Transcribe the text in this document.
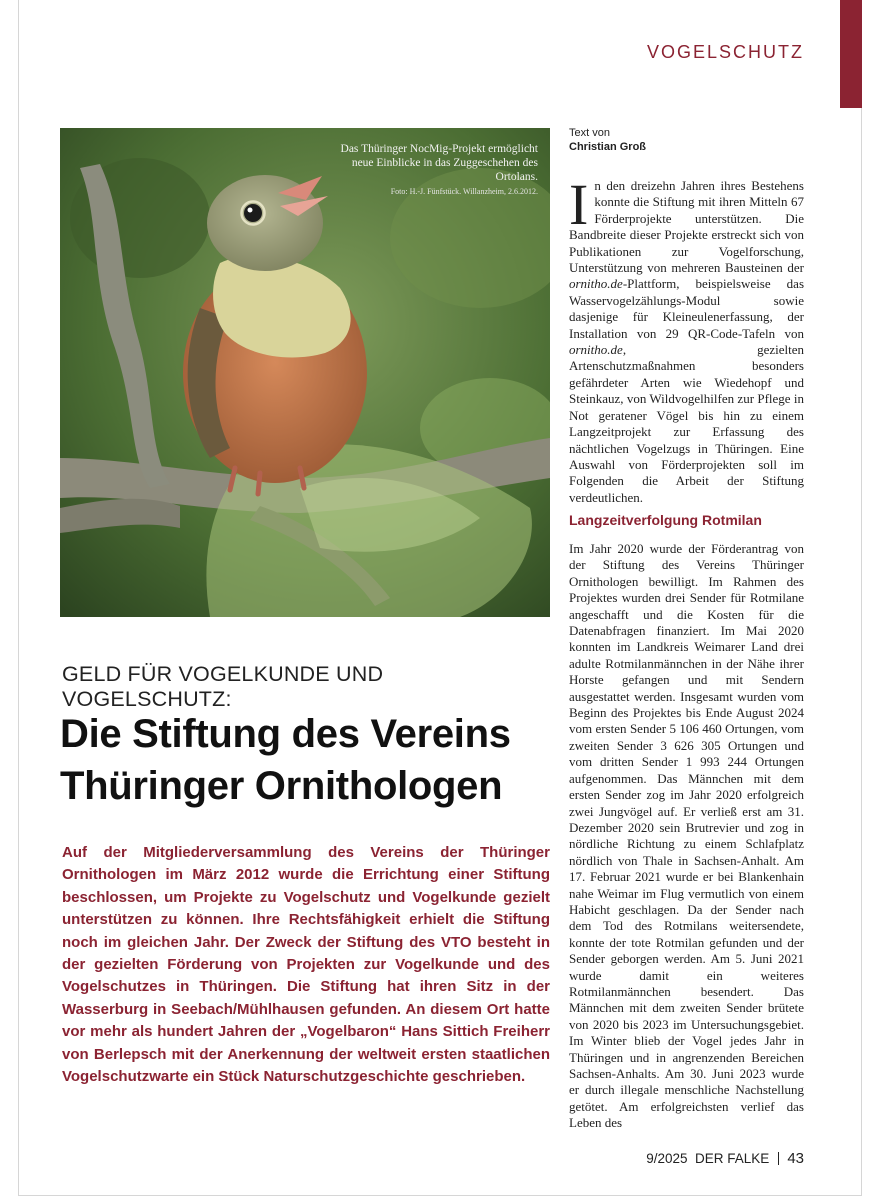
VOGELSCHUTZ
Das Thüringer NocMig-Projekt ermöglicht neue Einblicke in das Zuggeschehen des Ortolans.
Foto: H.-J. Fünfstück. Willanzheim, 2.6.2012.
GELD FÜR VOGELKUNDE UND VOGELSCHUTZ:
Die Stiftung des Vereins
Thüringer Ornithologen
Auf der Mitgliederversammlung des Vereins der Thüringer Ornithologen im März 2012 wurde die Errichtung einer Stiftung beschlossen, um Projekte zu Vogelschutz und Vogelkunde gezielt unterstützen zu können. Ihre Rechtsfähigkeit erhielt die Stiftung noch im gleichen Jahr. Der Zweck der Stiftung des VTO besteht in der gezielten Förderung von Projekten zur Vogelkunde und des Vogelschutzes in Thüringen. Die Stiftung hat ihren Sitz in der Wasserburg in Seebach/Mühlhausen gefunden. An diesem Ort hatte vor mehr als hundert Jahren der „Vogelbaron“ Hans Sittich Freiherr von Berlepsch mit der Anerkennung der weltweit ersten staatlichen Vogelschutzwarte ein Stück Naturschutzgeschichte geschrieben.
Text von
Christian Groß
In den dreizehn Jahren ihres Bestehens konnte die Stiftung mit ihren Mitteln 67 Förderprojekte unterstützen. Die Bandbreite dieser Projekte erstreckt sich von Publikationen zur Vogelforschung, Unterstützung von mehreren Bausteinen der ornitho.de-Plattform, beispielsweise das Wasservogelzählungs-Modul sowie dasjenige für Kleineulenerfassung, der Installation von 29 QR-Code-Tafeln von ornitho.de, gezielten Artenschutzmaßnahmen besonders gefährdeter Arten wie Wiedehopf und Steinkauz, von Wildvogelhilfen zur Pflege in Not geratener Vögel bis hin zu einem Langzeitprojekt zur Erfassung des nächtlichen Vogelzugs in Thüringen. Eine Auswahl von Förderprojekten soll im Folgenden die Arbeit der Stiftung verdeutlichen.
Langzeitverfolgung Rotmilan
Im Jahr 2020 wurde der Förderantrag von der Stiftung des Vereins Thüringer Ornithologen bewilligt. Im Rahmen des Projektes wurden drei Sender für Rotmilane angeschafft und die Kosten für die Datenabfragen finanziert. Im Mai 2020 konnten im Landkreis Weimarer Land drei adulte Rotmilanmännchen in der Nähe ihrer Horste gefangen und mit Sendern ausgestattet werden. Insgesamt wurden vom Beginn des Projektes bis Ende August 2024 vom ersten Sender 5 106 460 Ortungen, vom zweiten Sender 3 626 305 Ortungen und vom dritten Sender 1 993 244 Ortungen aufgenommen. Das Männchen mit dem ersten Sender zog im Jahr 2020 erfolgreich zwei Jungvögel auf. Er verließ erst am 31. Dezember 2020 sein Brutrevier und zog in nördliche Richtung zu einem Schlafplatz nördlich von Thale in Sachsen-Anhalt. Am 17. Februar 2021 wurde er bei Blankenhain nahe Weimar im Flug vermutlich von einem Habicht geschlagen. Da der Sender nach dem Tod des Rotmilans weitersendete, konnte der tote Rotmilan gefunden und der Sender geborgen werden. Am 5. Juni 2021 wurde damit ein weiteres Rotmilanmännchen besendert. Das Männchen mit dem zweiten Sender brütete von 2020 bis 2023 im Untersuchungsgebiet. Im Winter blieb der Vogel jedes Jahr in Thüringen und in angrenzenden Bereichen Sachsen-Anhalts. Am 30. Juni 2023 wurde er durch illegale menschliche Nachstellung getötet. Am erfolgreichsten verlief das Leben des
9/2025 DER FALKE 43
